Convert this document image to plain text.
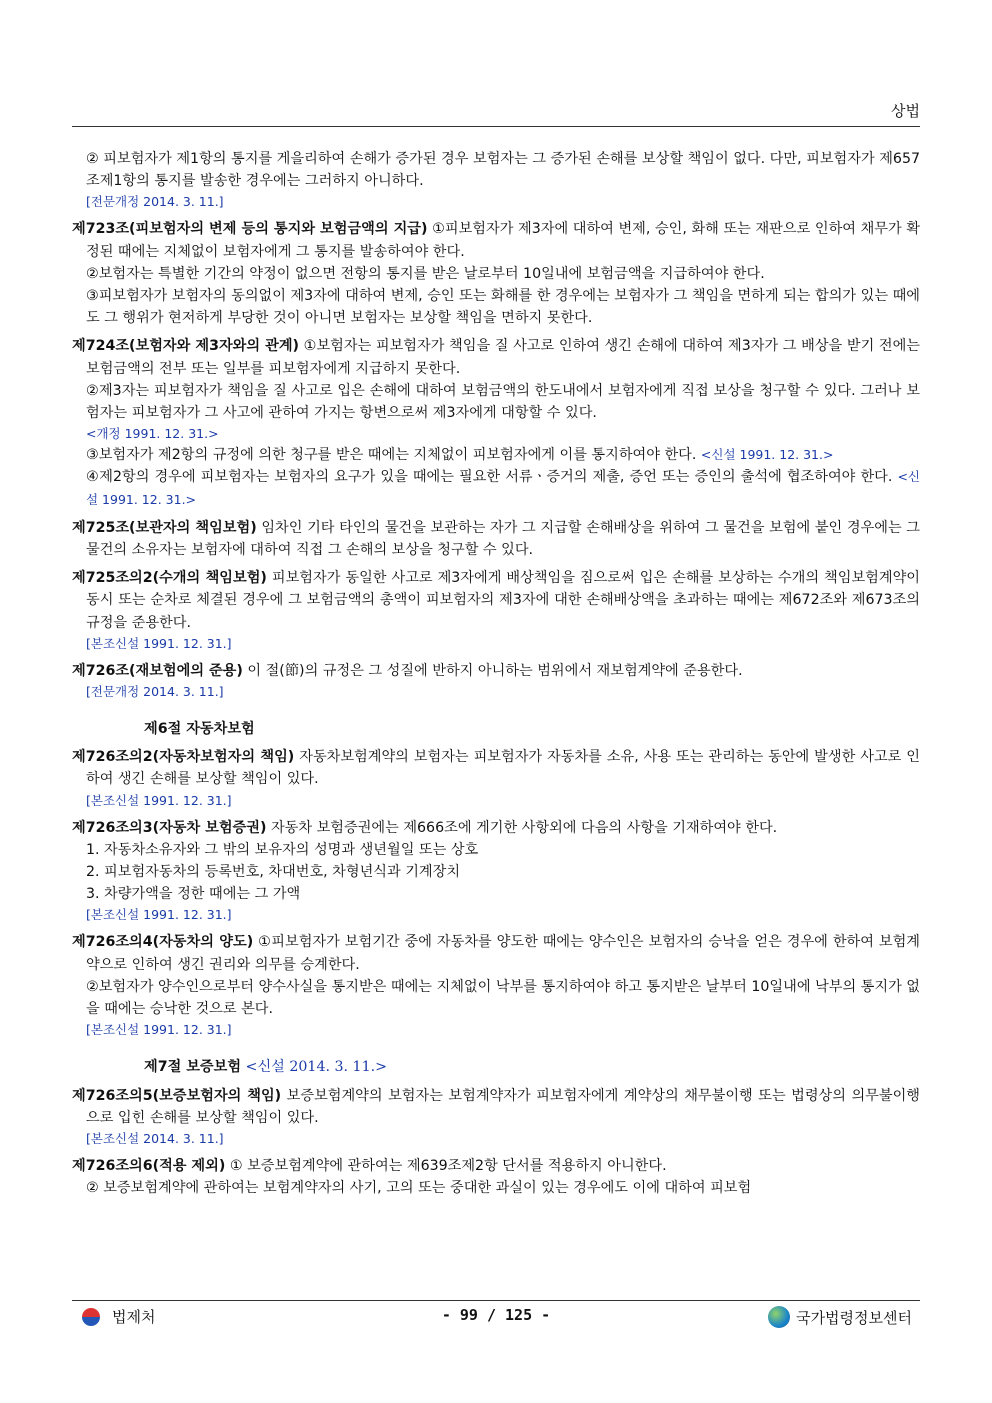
상법

② 피보험자가 제1항의 통지를 게을리하여 손해가 증가된 경우 보험자는 그 증가된 손해를 보상할 책임이 없다. 다만, 피보험자가 제657조제1항의 통지를 발송한 경우에는 그러하지 아니하다.

[전문개정 2014. 3. 11.]
제723조(피보험자의 변제 등의 통지와 보험금액의 지급) ①피보험자가 제3자에 대하여 변제, 승인, 화해 또는 재판으로 인하여 채무가 확정된 때에는 지체없이 보험자에게 그 통지를 발송하여야 한다.
②보험자는 특별한 기간의 약정이 없으면 전항의 통지를 받은 날로부터 10일내에 보험금액을 지급하여야 한다.
③피보험자가 보험자의 동의없이 제3자에 대하여 변제, 승인 또는 화해를 한 경우에는 보험자가 그 책임을 면하게 되는 합의가 있는 때에도 그 행위가 현저하게 부당한 것이 아니면 보험자는 보상할 책임을 면하지 못한다.
제724조(보험자와 제3자와의 관계) ①보험자는 피보험자가 책임을 질 사고로 인하여 생긴 손해에 대하여 제3자가 그 배상을 받기 전에는 보험금액의 전부 또는 일부를 피보험자에게 지급하지 못한다.
②제3자는 피보험자가 책임을 질 사고로 입은 손해에 대하여 보험금액의 한도내에서 보험자에게 직접 보상을 청구할 수 있다. 그러나 보험자는 피보험자가 그 사고에 관하여 가지는 항변으로써 제3자에게 대항할 수 있다.
<개정 1991. 12. 31.>
③보험자가 제2항의 규정에 의한 청구를 받은 때에는 지체없이 피보험자에게 이를 통지하여야 한다. <신설 1991. 12. 31.>
④제2항의 경우에 피보험자는 보험자의 요구가 있을 때에는 필요한 서류ㆍ증거의 제출, 증언 또는 증인의 출석에 협조하여야 한다. <신설 1991. 12. 31.>
제725조(보관자의 책임보험) 임차인 기타 타인의 물건을 보관하는 자가 그 지급할 손해배상을 위하여 그 물건을 보험에 붙인 경우에는 그 물건의 소유자는 보험자에 대하여 직접 그 손해의 보상을 청구할 수 있다.
제725조의2(수개의 책임보험) 피보험자가 동일한 사고로 제3자에게 배상책임을 짐으로써 입은 손해를 보상하는 수개의 책임보험계약이 동시 또는 순차로 체결된 경우에 그 보험금액의 총액이 피보험자의 제3자에 대한 손해배상액을 초과하는 때에는 제672조와 제673조의 규정을 준용한다.
[본조신설 1991. 12. 31.]
제726조(재보험에의 준용) 이 절(節)의 규정은 그 성질에 반하지 아니하는 범위에서 재보험계약에 준용한다.
[전문개정 2014. 3. 11.]
제6절 자동차보험
제726조의2(자동차보험자의 책임) 자동차보험계약의 보험자는 피보험자가 자동차를 소유, 사용 또는 관리하는 동안에 발생한 사고로 인하여 생긴 손해를 보상할 책임이 있다.
[본조신설 1991. 12. 31.]
제726조의3(자동차 보험증권) 자동차 보험증권에는 제666조에 게기한 사항외에 다음의 사항을 기재하여야 한다.
1. 자동차소유자와 그 밖의 보유자의 성명과 생년월일 또는 상호
2. 피보험자동차의 등록번호, 차대번호, 차형년식과 기계장치
3. 차량가액을 정한 때에는 그 가액
[본조신설 1991. 12. 31.]
제726조의4(자동차의 양도) ①피보험자가 보험기간 중에 자동차를 양도한 때에는 양수인은 보험자의 승낙을 얻은 경우에 한하여 보험계약으로 인하여 생긴 권리와 의무를 승계한다.
②보험자가 양수인으로부터 양수사실을 통지받은 때에는 지체없이 낙부를 통지하여야 하고 통지받은 날부터 10일내에 낙부의 통지가 없을 때에는 승낙한 것으로 본다.
[본조신설 1991. 12. 31.]
제7절 보증보험 <신설 2014. 3. 11.>
제726조의5(보증보험자의 책임) 보증보험계약의 보험자는 보험계약자가 피보험자에게 계약상의 채무불이행 또는 법령상의 의무불이행으로 입힌 손해를 보상할 책임이 있다.
[본조신설 2014. 3. 11.]
제726조의6(적용 제외) ① 보증보험계약에 관하여는 제639조제2항 단서를 적용하지 아니한다.
② 보증보험계약에 관하여는 보험계약자의 사기, 고의 또는 중대한 과실이 있는 경우에도 이에 대하여 피보험
법제처	- 99 / 125 -	국가법령정보센터
